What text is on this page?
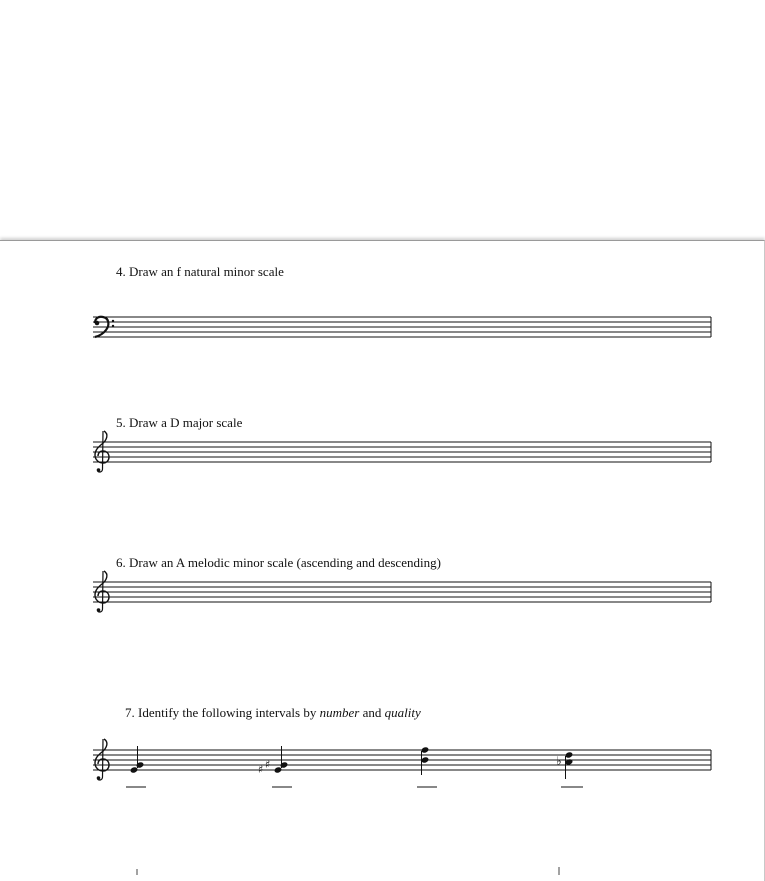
4. Draw an f natural minor scale
5. Draw a D major scale
6. Draw an A melodic minor scale (ascending and descending)
7. Identify the following intervals by number and quality
♯ ♯	♭
